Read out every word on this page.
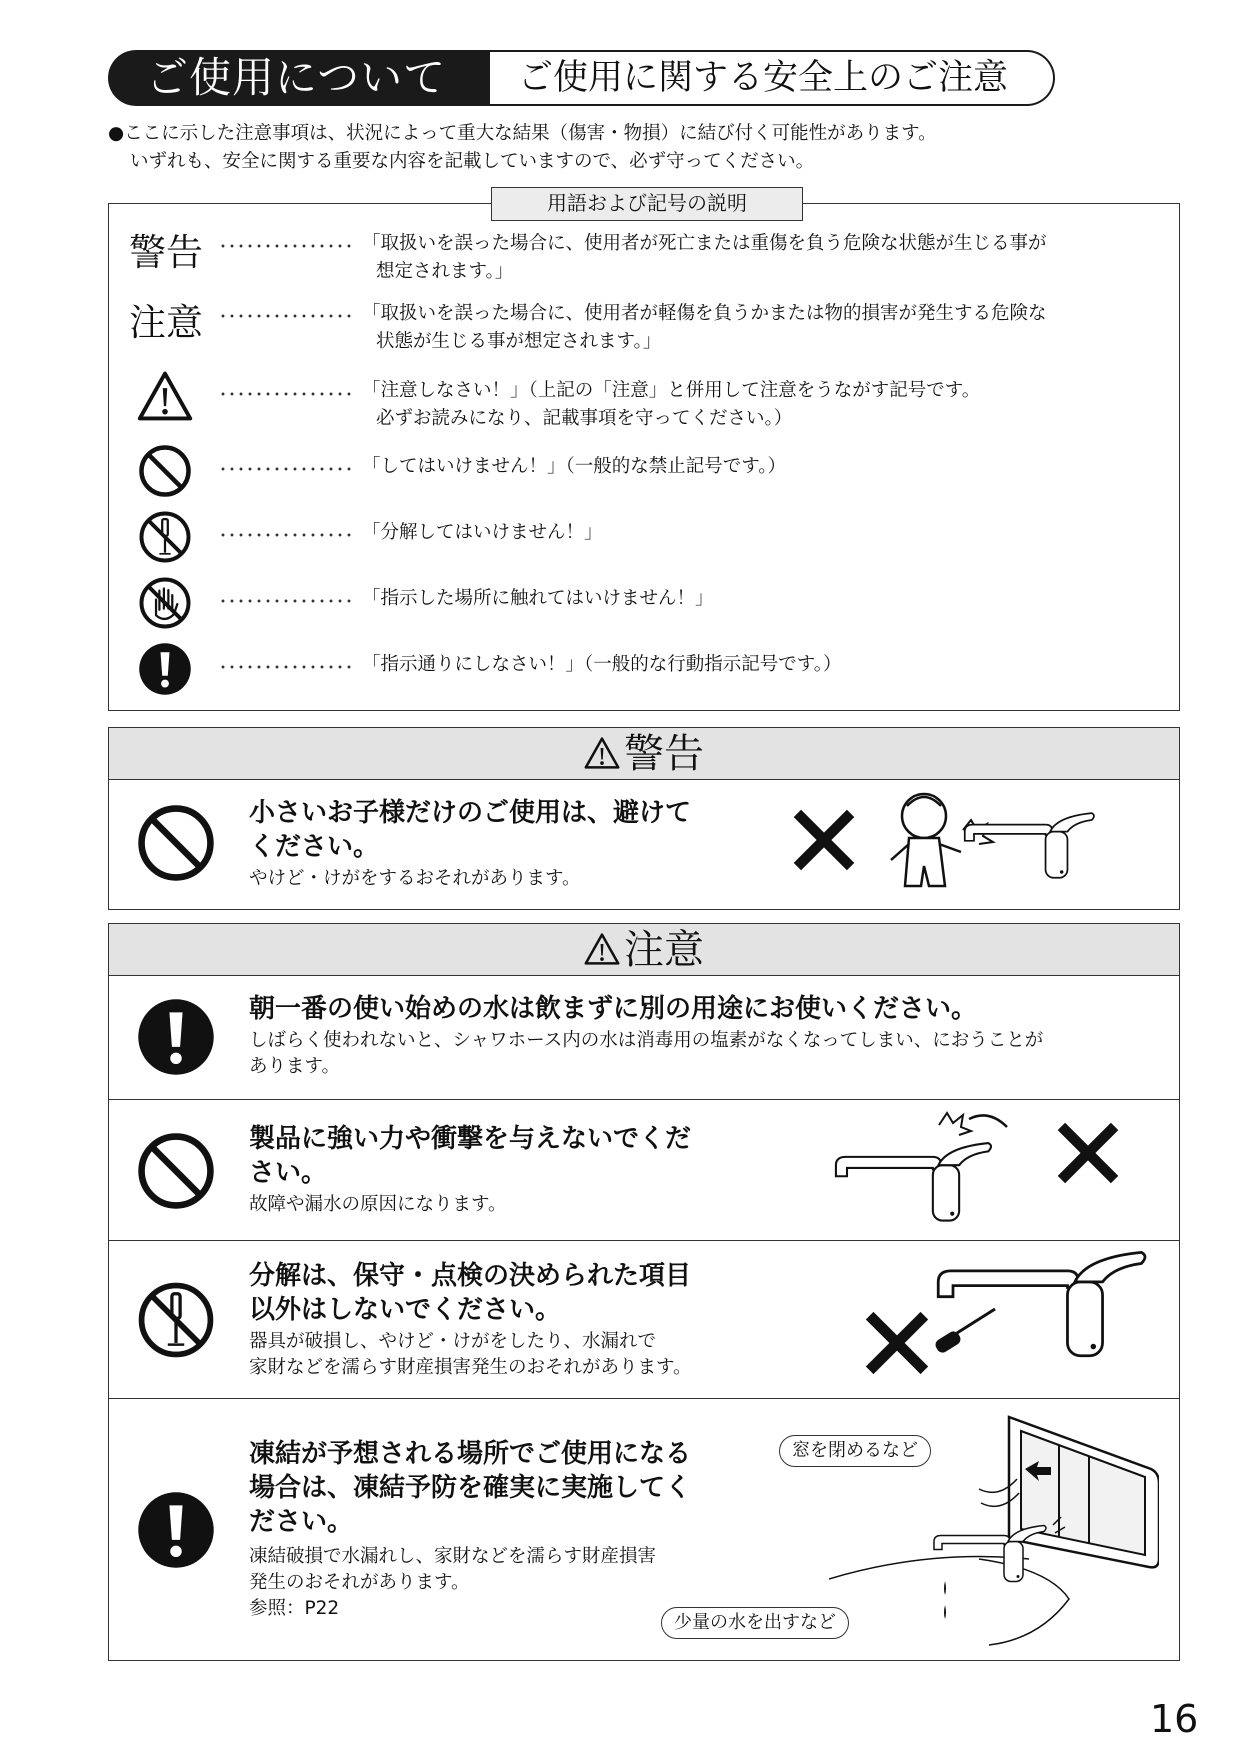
ご使用について	ご使用に関する安全上のご注意
●ここに示した注意事項は、状況によって重大な結果（傷害・物損）に結び付く可能性があります。
いずれも、安全に関する重要な内容を記載していますので、必ず守ってください。
用語および記号の説明
警告 ･･･････････････ 「取扱いを誤った場合に、使用者が死亡または重傷を負う危険な状態が生じる事が
想定されます。」
注意 ･･･････････････ 「取扱いを誤った場合に、使用者が軽傷を負うかまたは物的損害が発生する危険な
状態が生じる事が想定されます。」
･･･････････････ 「注意しなさい！」（上記の「注意」と併用して注意をうながす記号です。
必ずお読みになり、記載事項を守ってください。）
･･･････････････ 「してはいけません！」（一般的な禁止記号です。）
･･･････････････ 「分解してはいけません！」
･･･････････････ 「指示した場所に触れてはいけません！」
･･･････････････ 「指示通りにしなさい！」（一般的な行動指示記号です。）
警告
小さいお子様だけのご使用は、避けて
ください。
やけど・けがをするおそれがあります。
注意
朝一番の使い始めの水は飲まずに別の用途にお使いください。
しばらく使われないと、シャワホース内の水は消毒用の塩素がなくなってしまい、におうことが
あります。
製品に強い力や衝撃を与えないでくだ
さい。
故障や漏水の原因になります。
分解は、保守・点検の決められた項目
以外はしないでください。
器具が破損し、やけど・けがをしたり、水漏れで
家財などを濡らす財産損害発生のおそれがあります。
凍結が予想される場所でご使用になる
場合は、凍結予防を確実に実施してく
ださい。
凍結破損で水漏れし、家財などを濡らす財産損害
発生のおそれがあります。
参照：P22
窓を閉めるなど
少量の水を出すなど
16
